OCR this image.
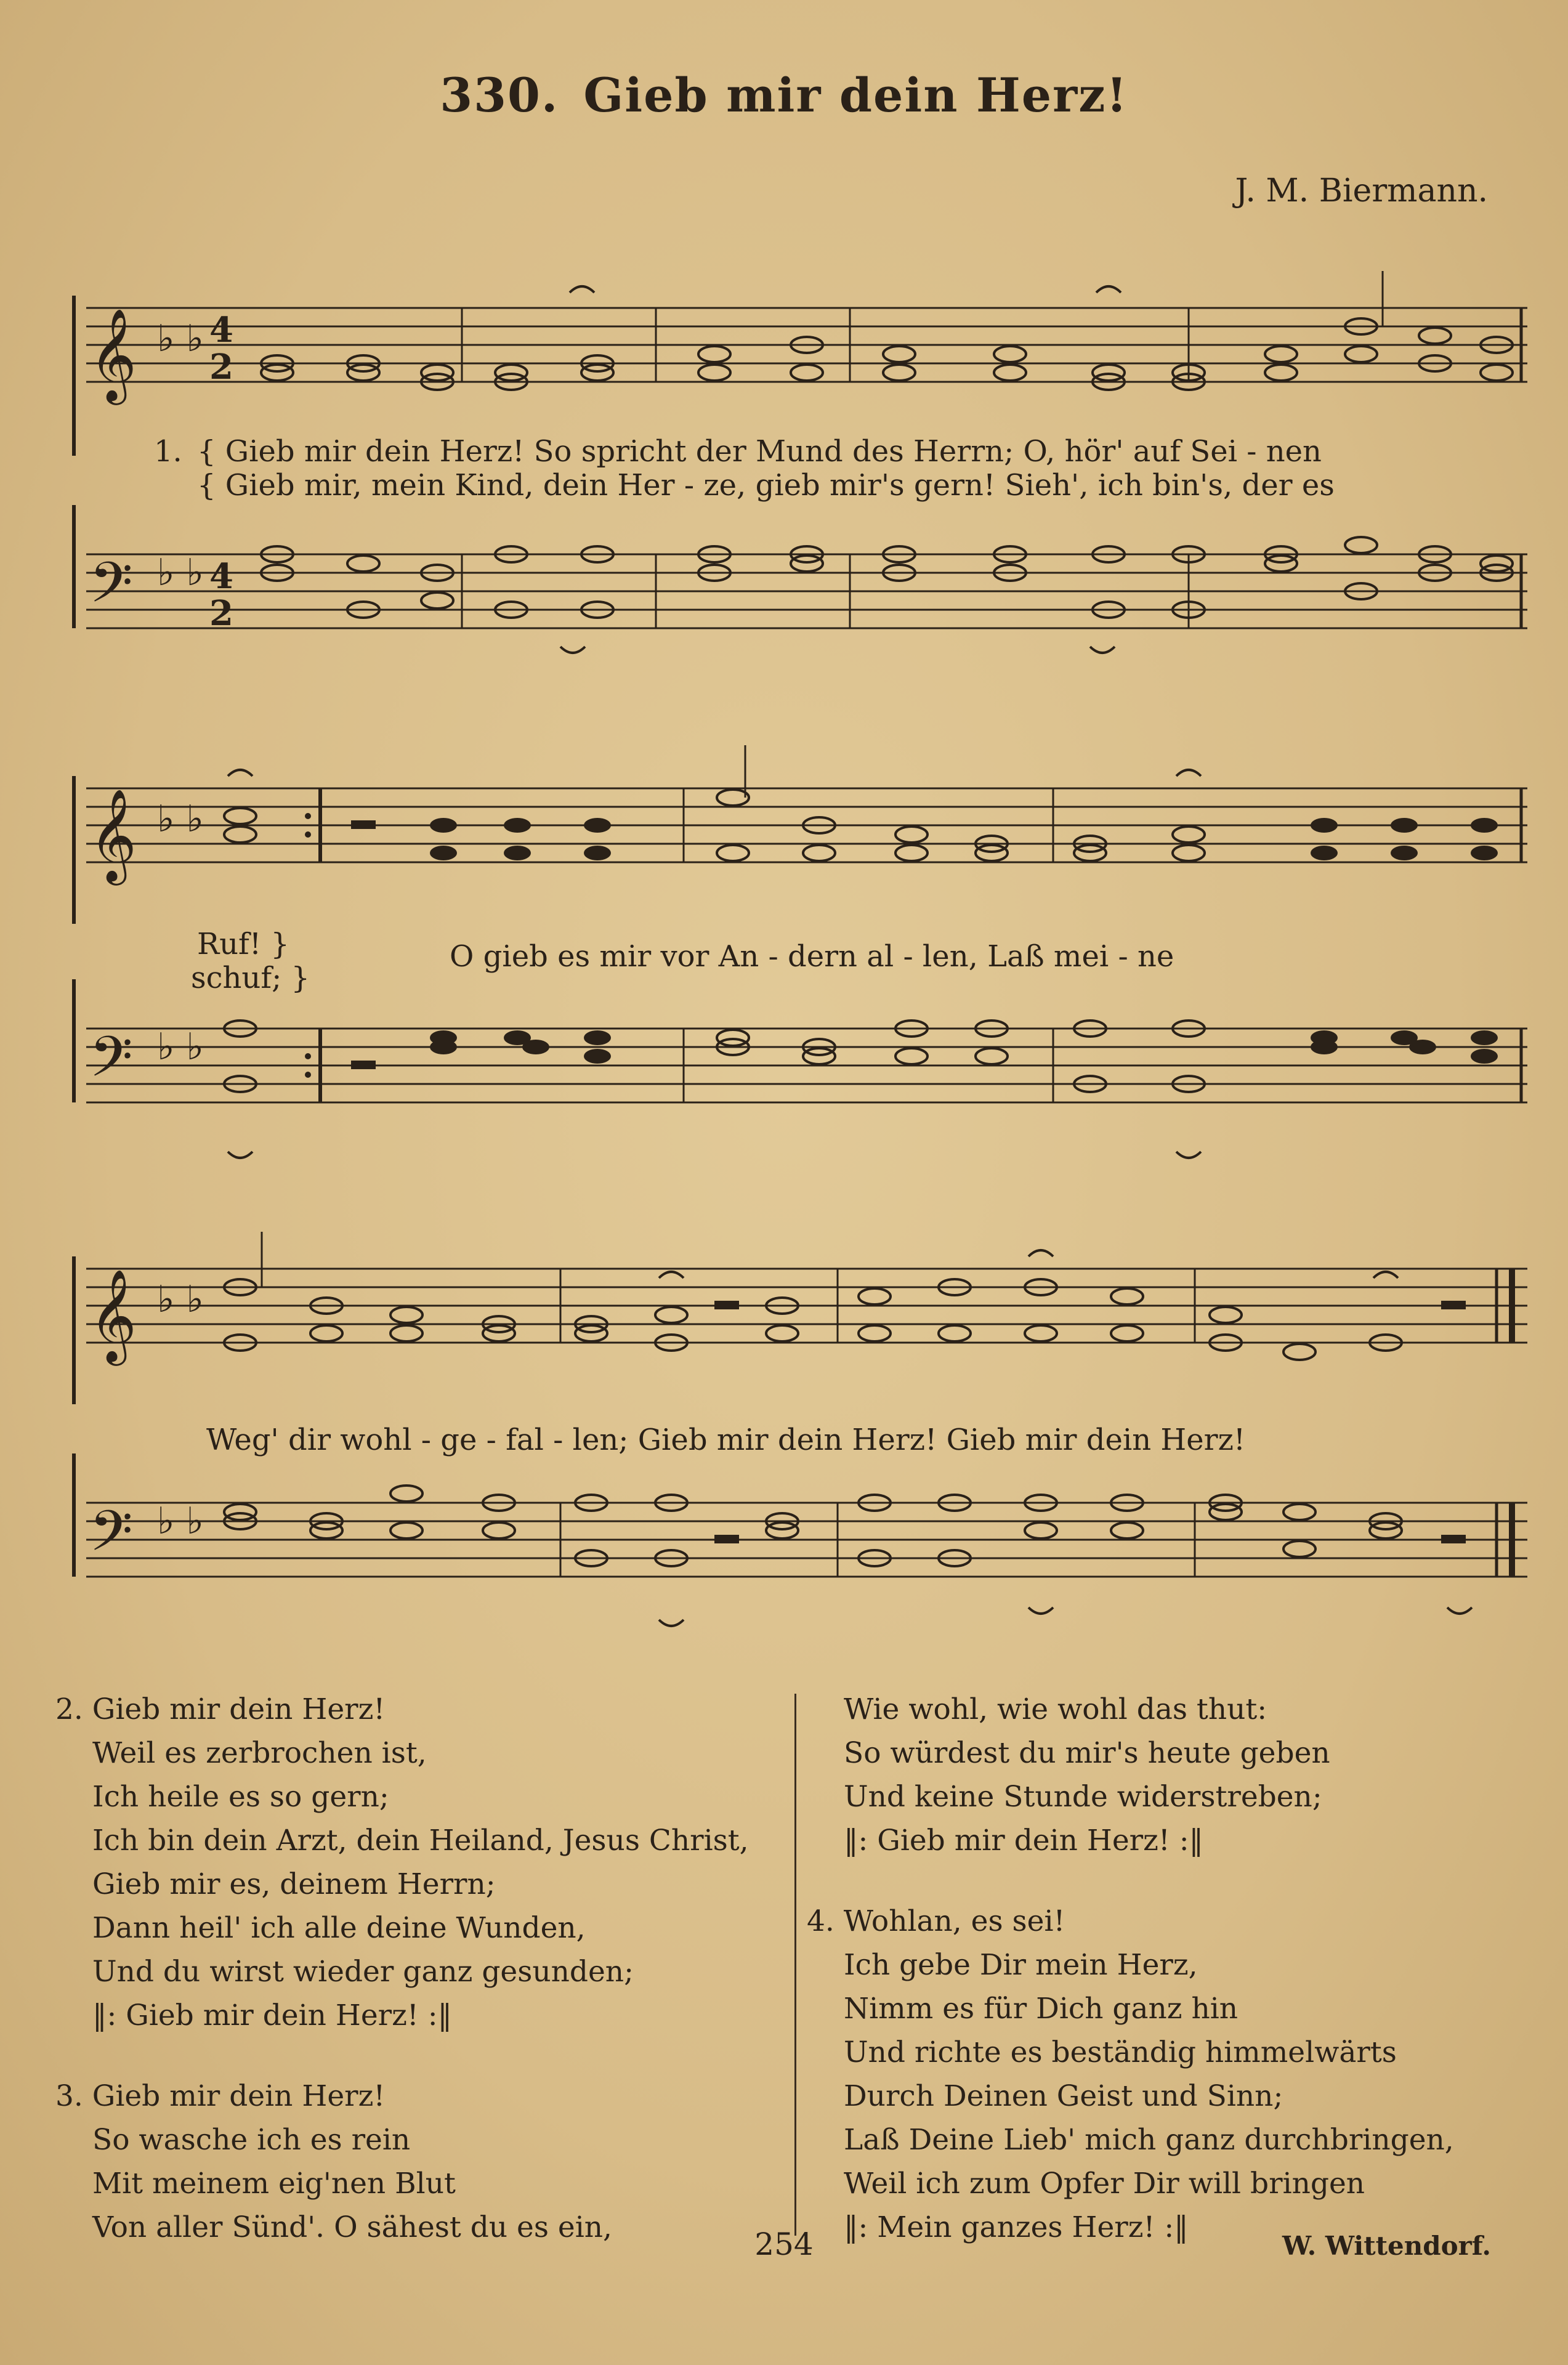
330. Gieb mir dein Herz!
J. M. Biermann.
𝄞 ♭ ♭ 4
2
1. { Gieb mir dein Herz! So spricht der Mund des Herrn; O, hör' auf Sei - nen
{ Gieb mir, mein Kind, dein Her - ze, gieb mir's gern! Sieh', ich bin's, der es
𝄢 ♭ ♭ 4
2
𝄞 ♭ ♭
Ruf! }
schuf; }
O gieb es mir vor An - dern al - len, Laß mei - ne
𝄢 ♭ ♭
𝄞 ♭ ♭
Weg' dir wohl - ge - fal - len; Gieb mir dein Herz! Gieb mir dein Herz!
𝄢 ♭ ♭
2. Gieb mir dein Herz!
Weil es zerbrochen ist,
Ich heile es so gern;
Ich bin dein Arzt, dein Heiland, Jesus Christ,
Gieb mir es, deinem Herrn;
Dann heil' ich alle deine Wunden,
Und du wirst wieder ganz gesunden;
‖: Gieb mir dein Herz! :‖
3. Gieb mir dein Herz!
So wasche ich es rein
Mit meinem eig'nen Blut
Von aller Sünd'. O sähest du es ein,
Wie wohl, wie wohl das thut:
So würdest du mir's heute geben
Und keine Stunde widerstreben;
‖: Gieb mir dein Herz! :‖
4. Wohlan, es sei!
Ich gebe Dir mein Herz,
Nimm es für Dich ganz hin
Und richte es beständig himmelwärts
Durch Deinen Geist und Sinn;
Laß Deine Lieb' mich ganz durchbringen,
Weil ich zum Opfer Dir will bringen
‖: Mein ganzes Herz! :‖
254	W. Wittendorf.
